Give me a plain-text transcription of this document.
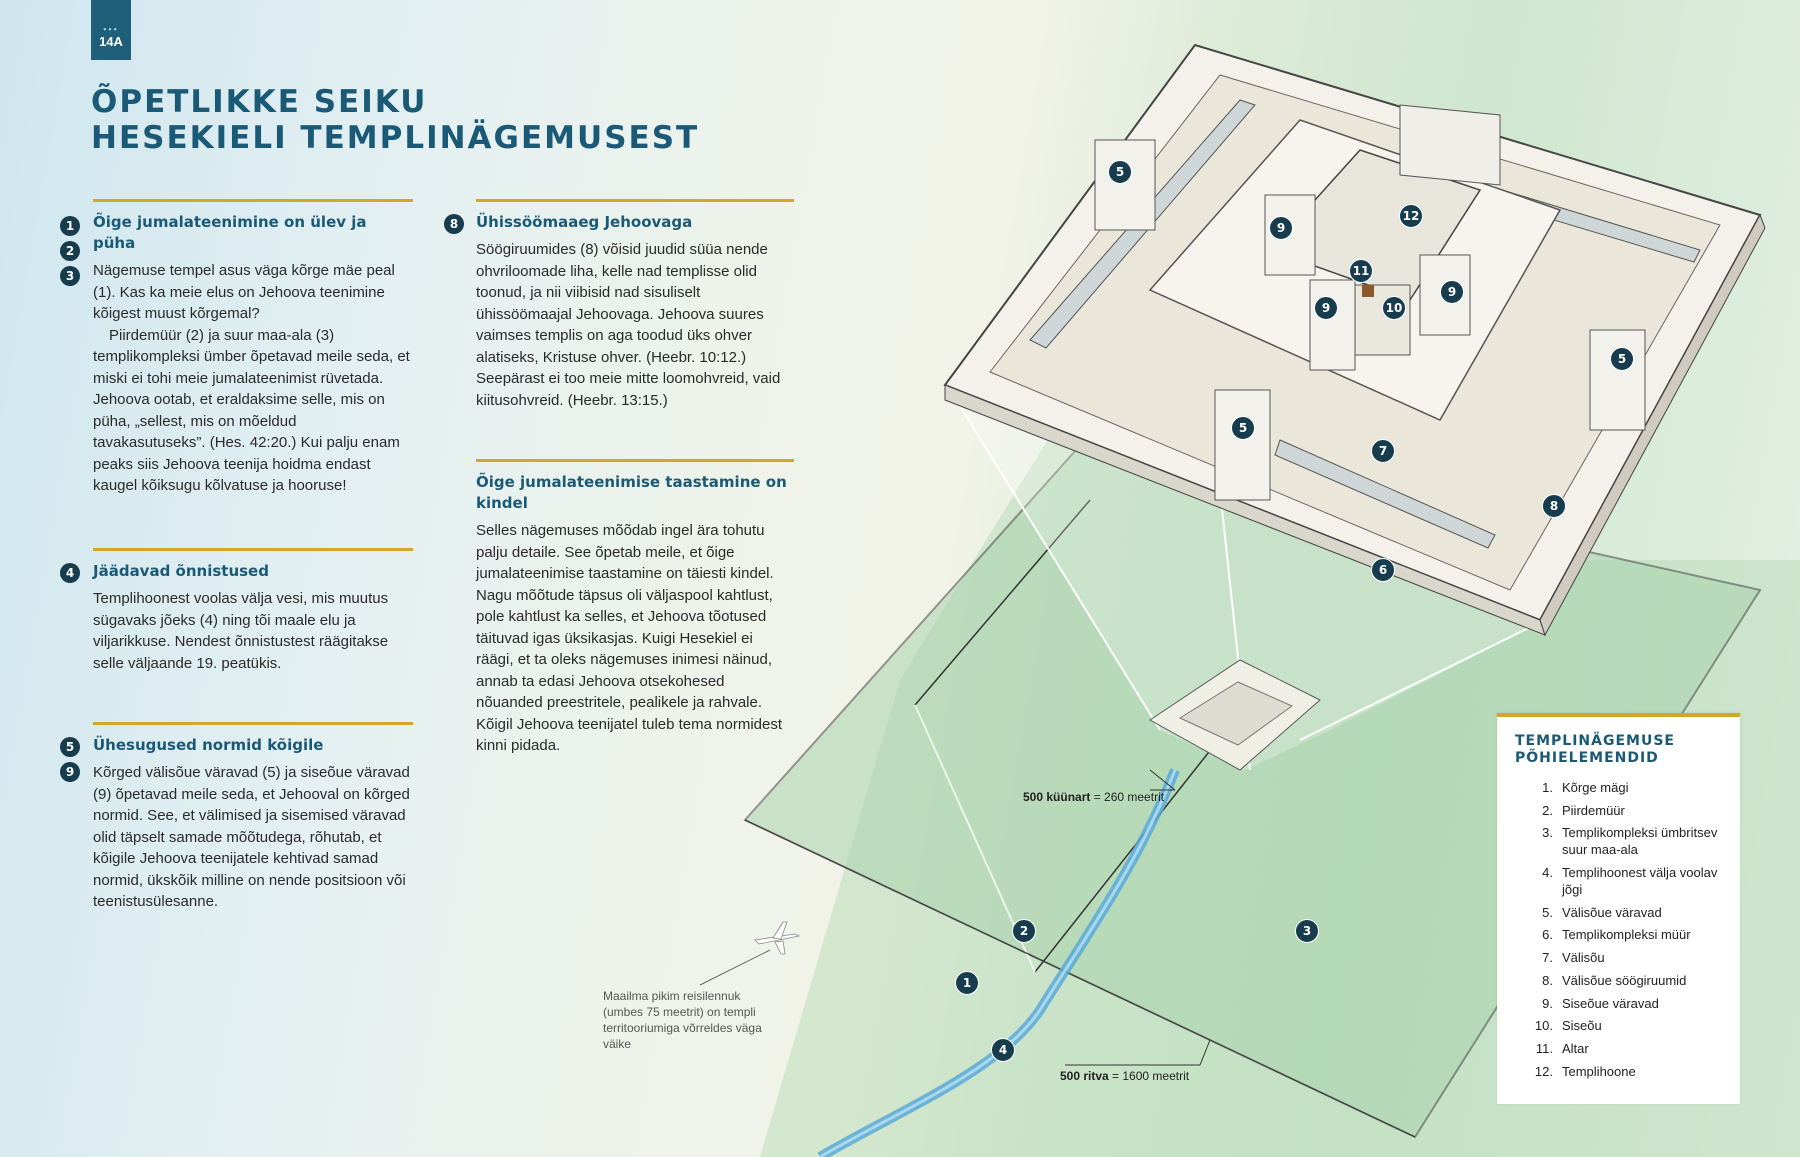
5
9
12
11
9	10
9
5
5
7
8
6
2	3
1
4
500 küünart = 260 meetrit
500 ritva = 1600 meetrit
Maailma pikim reisilennuk (umbes 75 meetrit) on templi territooriumiga võrreldes väga väike
•••
14A
ÕPETLIKKE SEIKU
HESEKIELI TEMPLINÄGEMUSEST
1
2
3
Õige jumalateenimine on ülev ja püha

Nägemuse tempel asus väga kõrge mäe peal (1). Kas ka meie elus on Jehoova teenimine kõigest muust kõrgemal?

Piirdemüür (2) ja suur maa-ala (3) templikompleksi ümber õpetavad meile seda, et miski ei tohi meie jumalateenimist rüvetada. Jehoova ootab, et eraldaksime selle, mis on püha, „sellest, mis on mõeldud tavakasutuseks”. (Hes. 42:20.) Kui palju enam peaks siis Jehoova teenija hoidma endast kaugel kõiksugu kõlvatuse ja hooruse!

4	Jäädavad õnnistused

Templihoonest voolas välja vesi, mis muutus sügavaks jõeks (4) ning tõi maale elu ja viljarikkuse. Nendest õnnistustest räägitakse selle väljaande 19. peatükis.

5
9
Ühesugused normid kõigile

Kõrged välisõue väravad (5) ja siseõue väravad (9) õpetavad meile seda, et Jehooval on kõrged normid. See, et välimised ja sisemised väravad olid täpselt samade mõõtudega, rõhutab, et kõigile Jehoova teenijatele kehtivad samad normid, ükskõik milline on nende positsioon või teenistusülesanne.

8	Ühissöömaaeg Jehoovaga

Söögiruumides (8) võisid juudid süüa nende ohvriloomade liha, kelle nad templisse olid toonud, ja nii viibisid nad sisuliselt ühissöömaajal Jehoovaga. Jehoova suures vaimses templis on aga toodud üks ohver alatiseks, Kristuse ohver. (Heebr. 10:12.) Seepärast ei too meie mitte loomohvreid, vaid kiitusohvreid. (Heebr. 13:15.)

Õige jumalateenimise taastamine on kindel

Selles nägemuses mõõdab ingel ära tohutu palju detaile. See õpetab meile, et õige jumalateenimise taastamine on täiesti kindel. Nagu mõõtude täpsus oli väljaspool kahtlust, pole kahtlust ka selles, et Jehoova tõotused täituvad igas üksikasjas. Kuigi Hesekiel ei räägi, et ta oleks nägemuses inimesi näinud, annab ta edasi Jehoova otsekohesed nõuanded preestritele, pealikele ja rahvale. Kõigil Jehoova teenijatel tuleb tema normidest kinni pidada.	TEMPLINÄGEMUSE PÕHIELEMENDID
1. Kõrge mägi
2. Piirdemüür
3. Templikompleksi ümbritsev suur maa-ala
4. Templihoonest välja voolav jõgi
5. Välisõue väravad
6. Templikompleksi müür
7. Välisõu
8. Välisõue söögiruumid
9. Siseõue väravad
10. Siseõu
11. Altar
12. Templihoone
